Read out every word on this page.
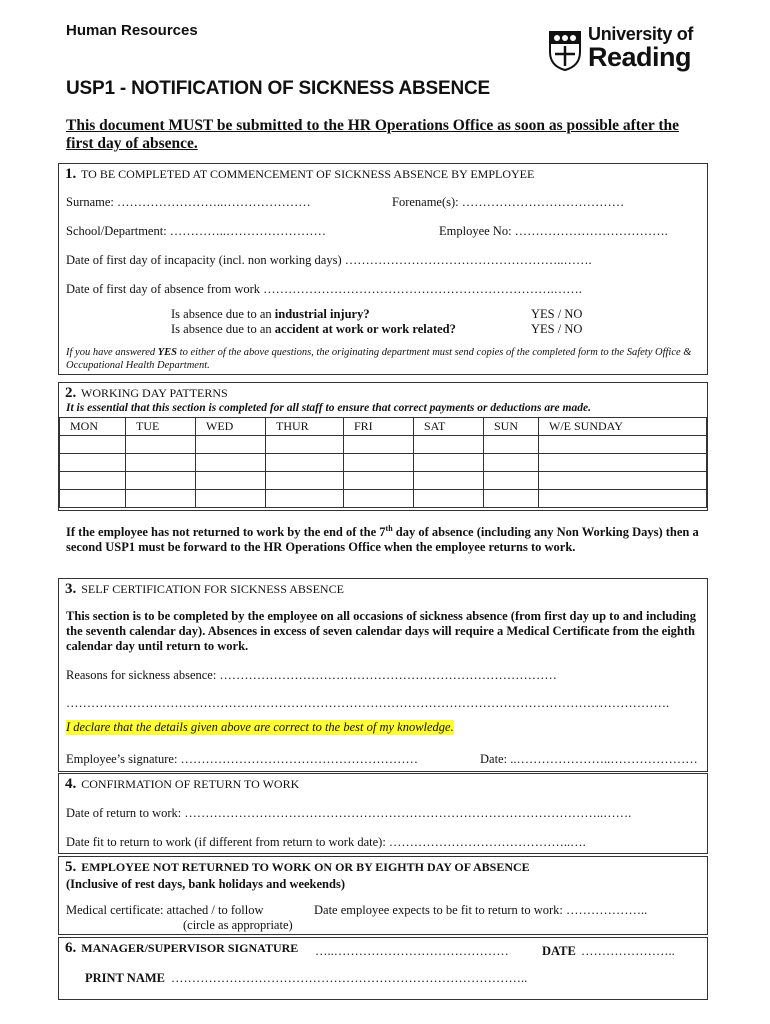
Human Resources	University of
Reading
USP1 - NOTIFICATION OF SICKNESS ABSENCE
This document MUST be submitted to the HR Operations Office as soon as possible after the first day of absence.
1. TO BE COMPLETED AT COMMENCEMENT OF SICKNESS ABSENCE BY EMPLOYEE
Surname: ……………………..…………………	Forename(s): …………………………………
School/Department: …………..……………………	Employee No: ……………………………….
Date of first day of incapacity (incl. non working days) ……………………………………………..…….
Date of first day of absence from work …………………………………………………………….…….
Is absence due to an industrial injury?	YES / NO
Is absence due to an accident at work or work related?	YES / NO
If you have answered YES to either of the above questions, the originating department must send copies of the completed form to the Safety Office & Occupational Health Department.
2. WORKING DAY PATTERNS
It is essential that this section is completed for all staff to ensure that correct payments or deductions are made.
MON	TUE	WED	THUR	FRI	SAT	SUN	W/E SUNDAY

If the employee has not returned to work by the end of the 7th day of absence (including any Non Working Days) then a second USP1 must be forward to the HR Operations Office when the employee returns to work.
3. SELF CERTIFICATION FOR SICKNESS ABSENCE
This section is to be completed by the employee on all occasions of sickness absence (from first day up to and including the seventh calendar day). Absences in excess of seven calendar days will require a Medical Certificate from the eighth calendar day until return to work.
Reasons for sickness absence: ………………………………………………………………………
……………………………………………………………………………………………………………………………….
I declare that the details given above are correct to the best of my knowledge.
Employee’s signature: …………………………………………………	Date: ..…………………..…………………
4. CONFIRMATION OF RETURN TO WORK
Date of return to work: ………………………………………………………………………………………..…….
Date fit to return to work (if different from return to work date): ……………………………………..….
5. EMPLOYEE NOT RETURNED TO WORK ON OR BY EIGHTH DAY OF ABSENCE
(Inclusive of rest days, bank holidays and weekends)
Medical certificate: attached / to follow	Date employee expects to be fit to return to work: ………………..
(circle as appropriate)
6. MANAGER/SUPERVISOR SIGNATURE …..……………………………………	DATE …………………..
PRINT NAME …………………………………………………………………………..
